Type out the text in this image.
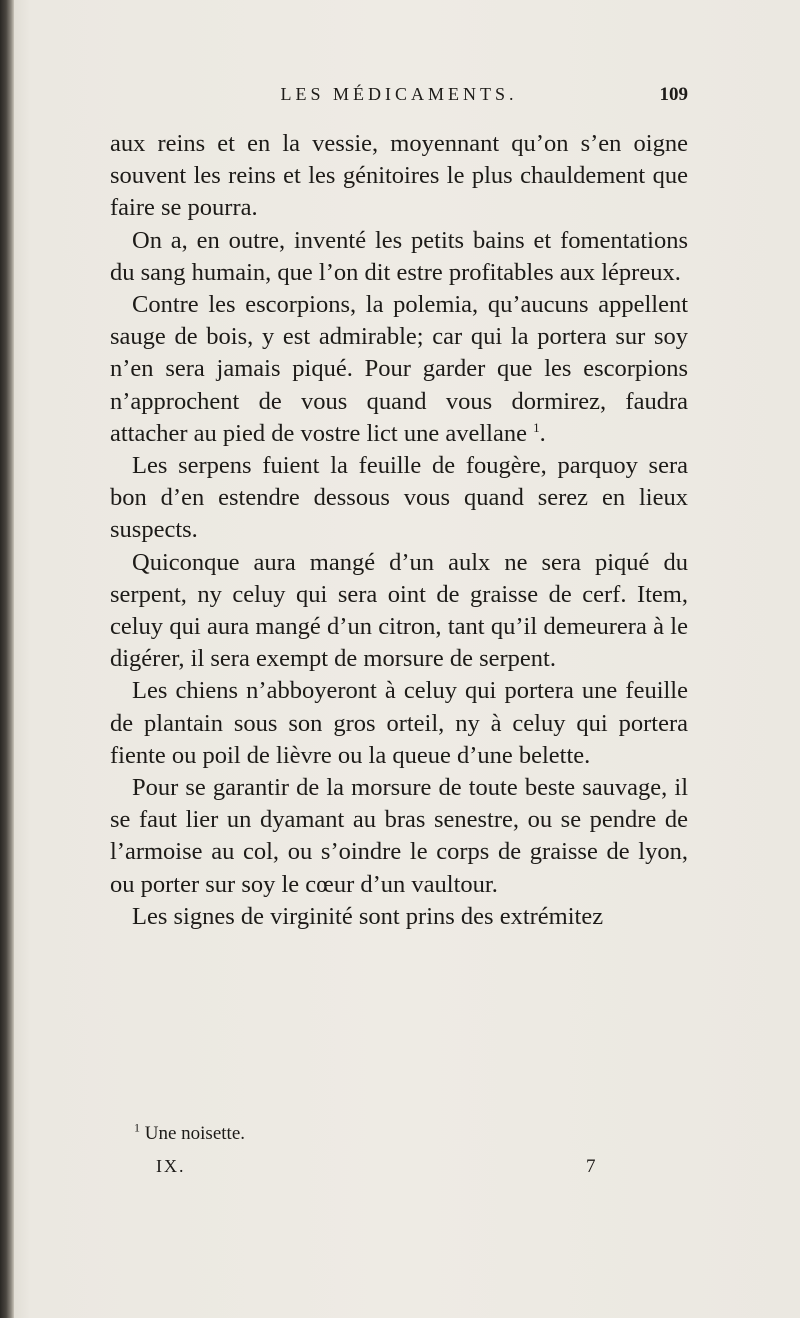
LES MÉDICAMENTS.	109

aux reins et en la vessie, moyennant qu’on s’en oigne souvent les reins et les génitoires le plus chauldement que faire se pourra.

On a, en outre, inventé les petits bains et fomentations du sang humain, que l’on dit estre profitables aux lépreux.

Contre les escorpions, la polemia, qu’aucuns appellent sauge de bois, y est admirable; car qui la portera sur soy n’en sera jamais piqué. Pour garder que les escorpions n’approchent de vous quand vous dormirez, faudra attacher au pied de vostre lict une avellane $^1$.

Les serpens fuient la feuille de fougère, parquoy sera bon d’en estendre dessous vous quand serez en lieux suspects.

Quiconque aura mangé d’un aulx ne sera piqué du serpent, ny celuy qui sera oint de graisse de cerf. Item, celuy qui aura mangé d’un citron, tant qu’il demeurera à le digérer, il sera exempt de morsure de serpent.

Les chiens n’abboyeront à celuy qui portera une feuille de plantain sous son gros orteil, ny à celuy qui portera fiente ou poil de lièvre ou la queue d’une belette.

Pour se garantir de la morsure de toute beste sauvage, il se faut lier un dyamant au bras senestre, ou se pendre de l’armoise au col, ou s’oindre le corps de graisse de lyon, ou porter sur soy le cœur d’un vaultour.

Les signes de virginité sont prins des extrémitez

$^1$ Une noisette.
IX.	7
